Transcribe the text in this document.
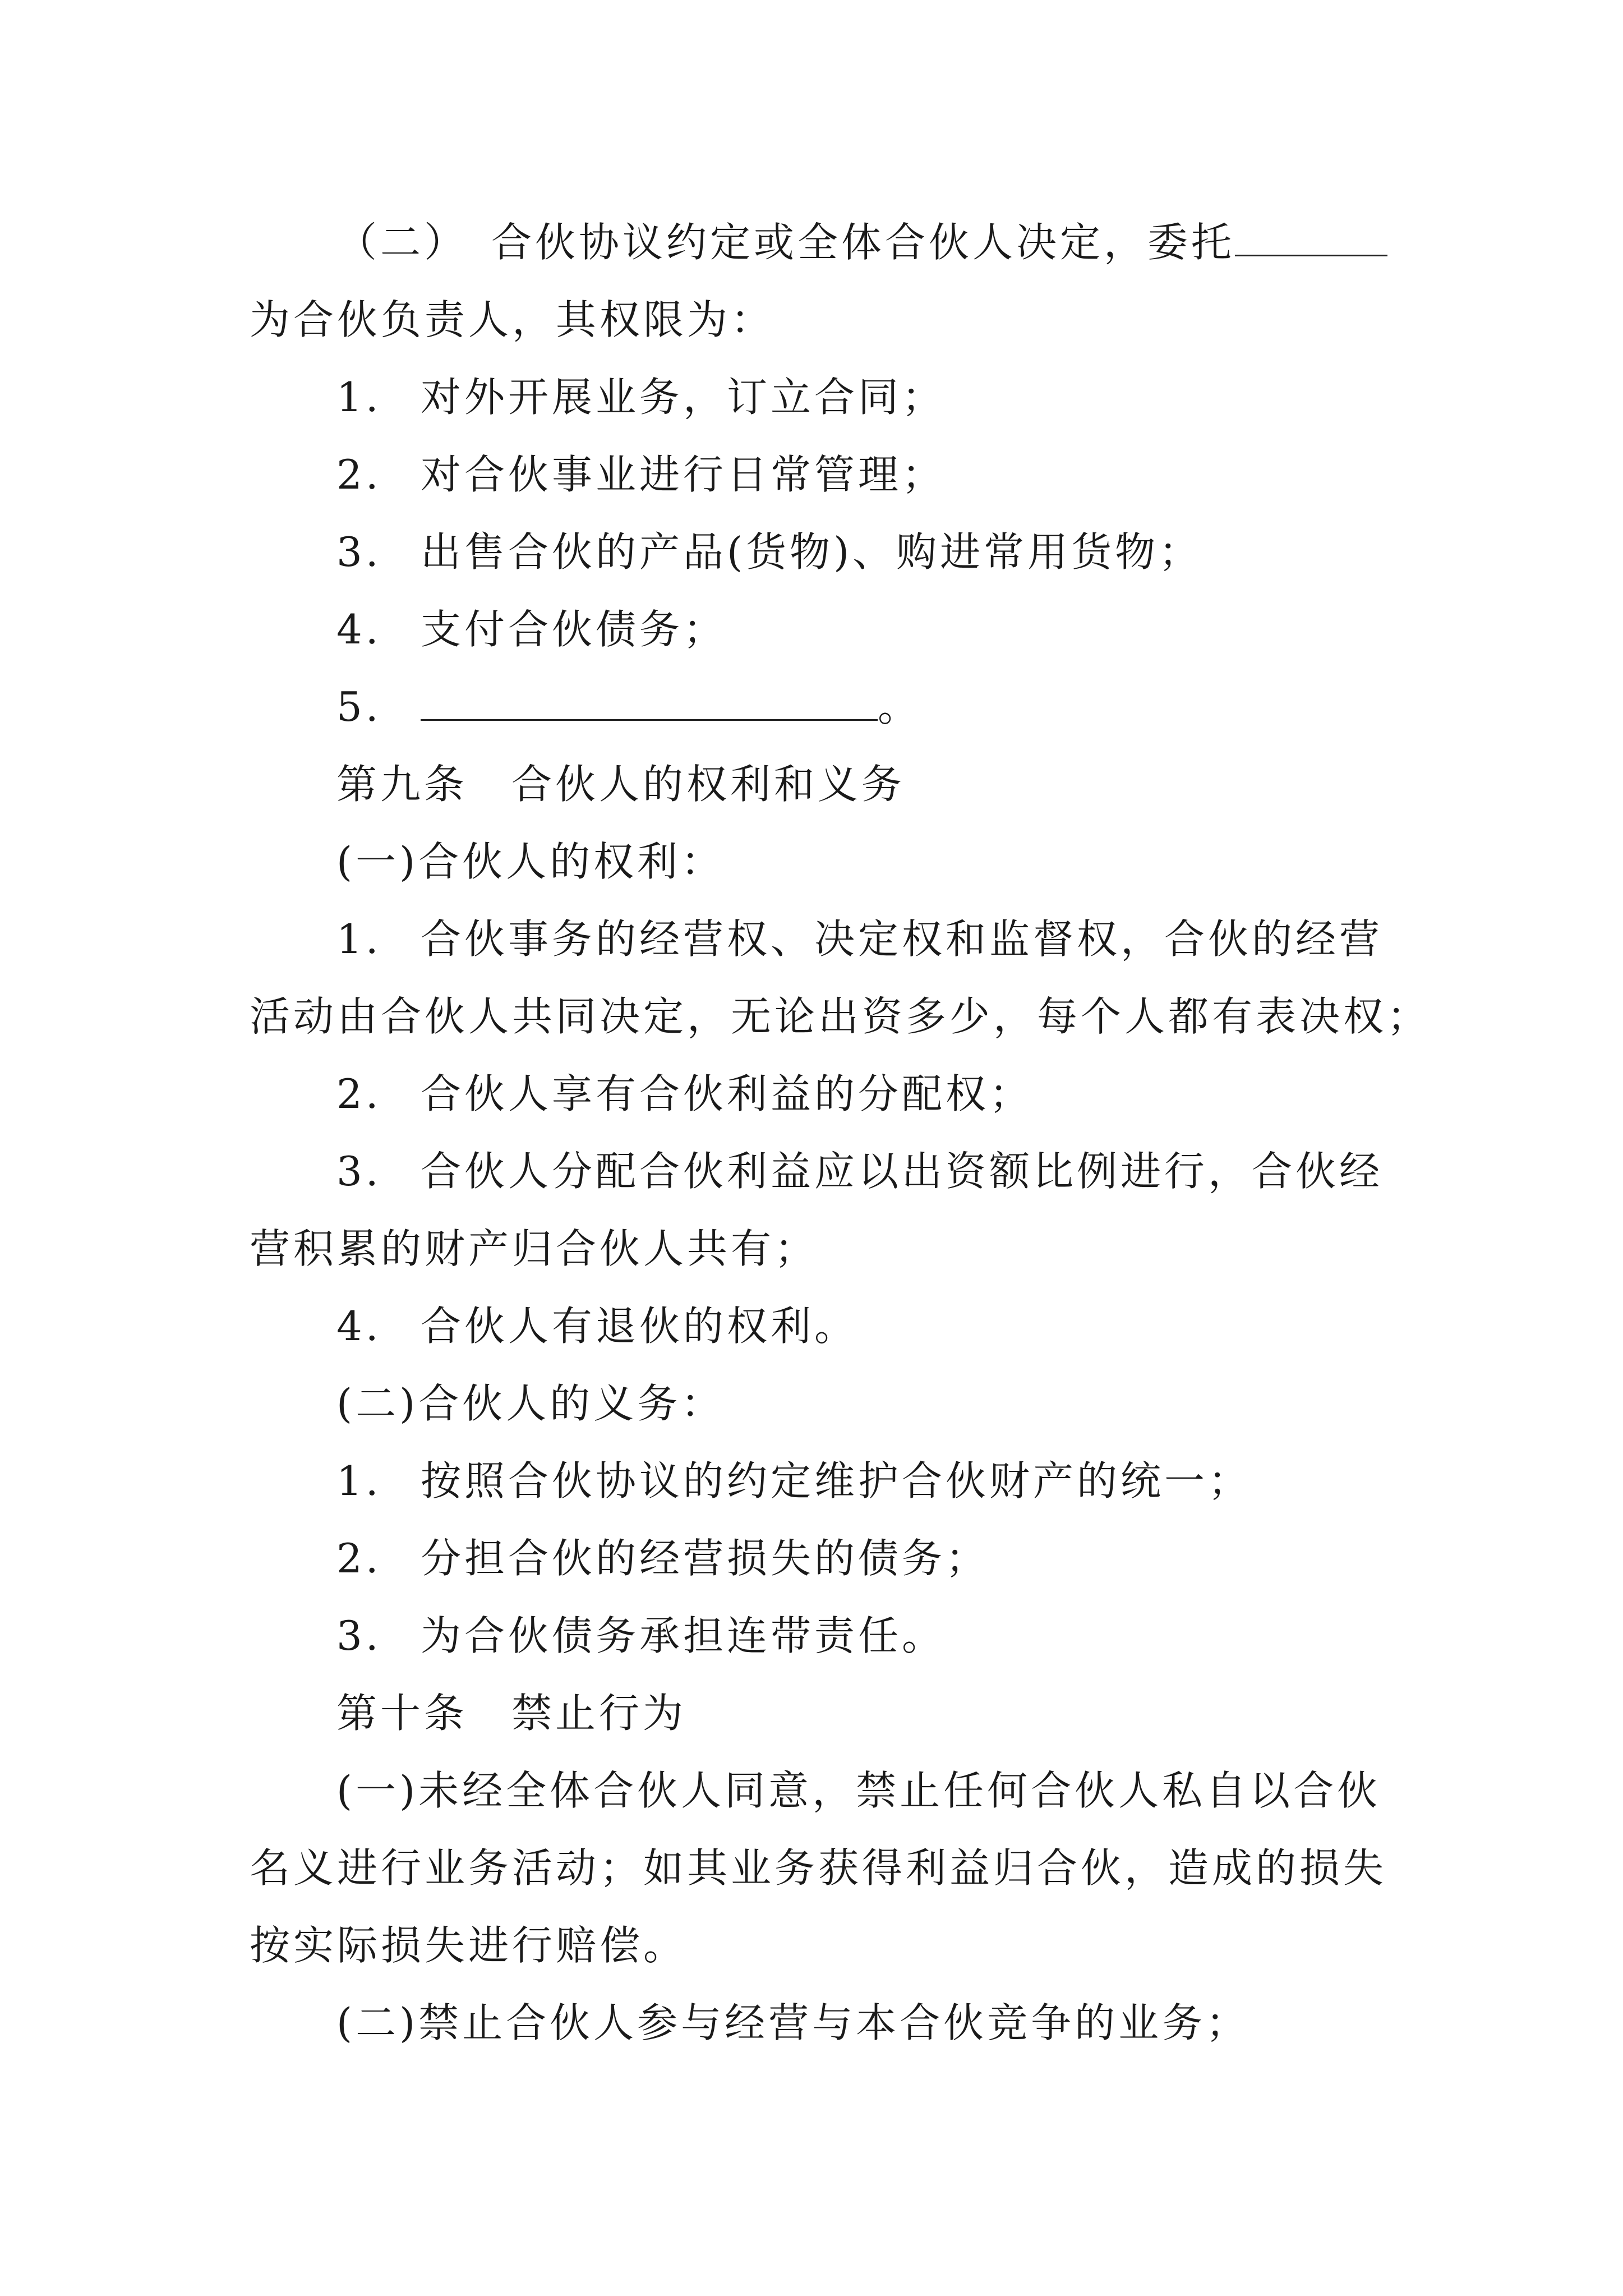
（二）　合伙协议约定或全体合伙人决定，委托
为合伙负责人，其权限为：
1. 对外开展业务，订立合同；
2. 对合伙事业进行日常管理；
3. 出售合伙的产品(货物)、购进常用货物；
4. 支付合伙债务；
5.	。
第九条　合伙人的权利和义务
(一)合伙人的权利：
1. 合伙事务的经营权、决定权和监督权，合伙的经营
活动由合伙人共同决定，无论出资多少，每个人都有表决权；
2. 合伙人享有合伙利益的分配权；
3. 合伙人分配合伙利益应以出资额比例进行，合伙经
营积累的财产归合伙人共有；
4. 合伙人有退伙的权利。
(二)合伙人的义务：
1. 按照合伙协议的约定维护合伙财产的统一；
2. 分担合伙的经营损失的债务；
3. 为合伙债务承担连带责任。
第十条　禁止行为
(一)未经全体合伙人同意，禁止任何合伙人私自以合伙
名义进行业务活动；如其业务获得利益归合伙，造成的损失
按实际损失进行赔偿。
(二)禁止合伙人参与经营与本合伙竞争的业务；
